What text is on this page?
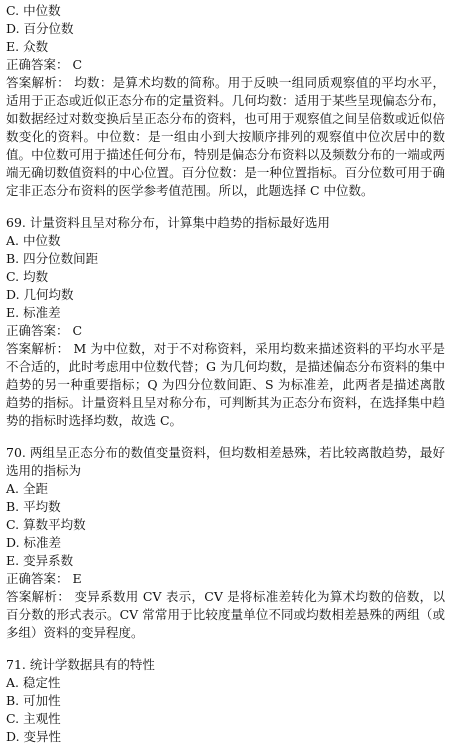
C. 中位数
D. 百分位数
E. 众数
正确答案： C
答案解析： 均数：是算术均数的简称。用于反映一组同质观察值的平均水平，适用于正态或近似正态分布的定量资料。几何均数：适用于某些呈现偏态分布，如数据经过对数变换后呈正态分布的资料，也可用于观察值之间呈倍数或近似倍数变化的资料。中位数：是一组由小到大按顺序排列的观察值中位次居中的数值。中位数可用于描述任何分布，特别是偏态分布资料以及频数分布的一端或两端无确切数值资料的中心位置。百分位数：是一种位置指标。百分位数可用于确定非正态分布资料的医学参考值范围。所以，此题选择 C 中位数。
69. 计量资料且呈对称分布，计算集中趋势的指标最好选用
A. 中位数
B. 四分位数间距
C. 均数
D. 几何均数
E. 标准差
正确答案： C
答案解析： M 为中位数，对于不对称资料，采用均数来描述资料的平均水平是不合适的，此时考虑用中位数代替；G 为几何均数，是描述偏态分布资料的集中趋势的另一种重要指标；Q 为四分位数间距、S 为标准差，此两者是描述离散趋势的指标。计量资料且呈对称分布，可判断其为正态分布资料，在选择集中趋势的指标时选择均数，故选 C。
70. 两组呈正态分布的数值变量资料，但均数相差悬殊，若比较离散趋势，最好选用的指标为
A. 全距
B. 平均数
C. 算数平均数
D. 标准差
E. 变异系数
正确答案： E
答案解析： 变异系数用 CV 表示，CV 是将标准差转化为算术均数的倍数，以百分数的形式表示。CV 常常用于比较度量单位不同或均数相差悬殊的两组（或多组）资料的变异程度。
71. 统计学数据具有的特性
A. 稳定性
B. 可加性
C. 主观性
D. 变异性
